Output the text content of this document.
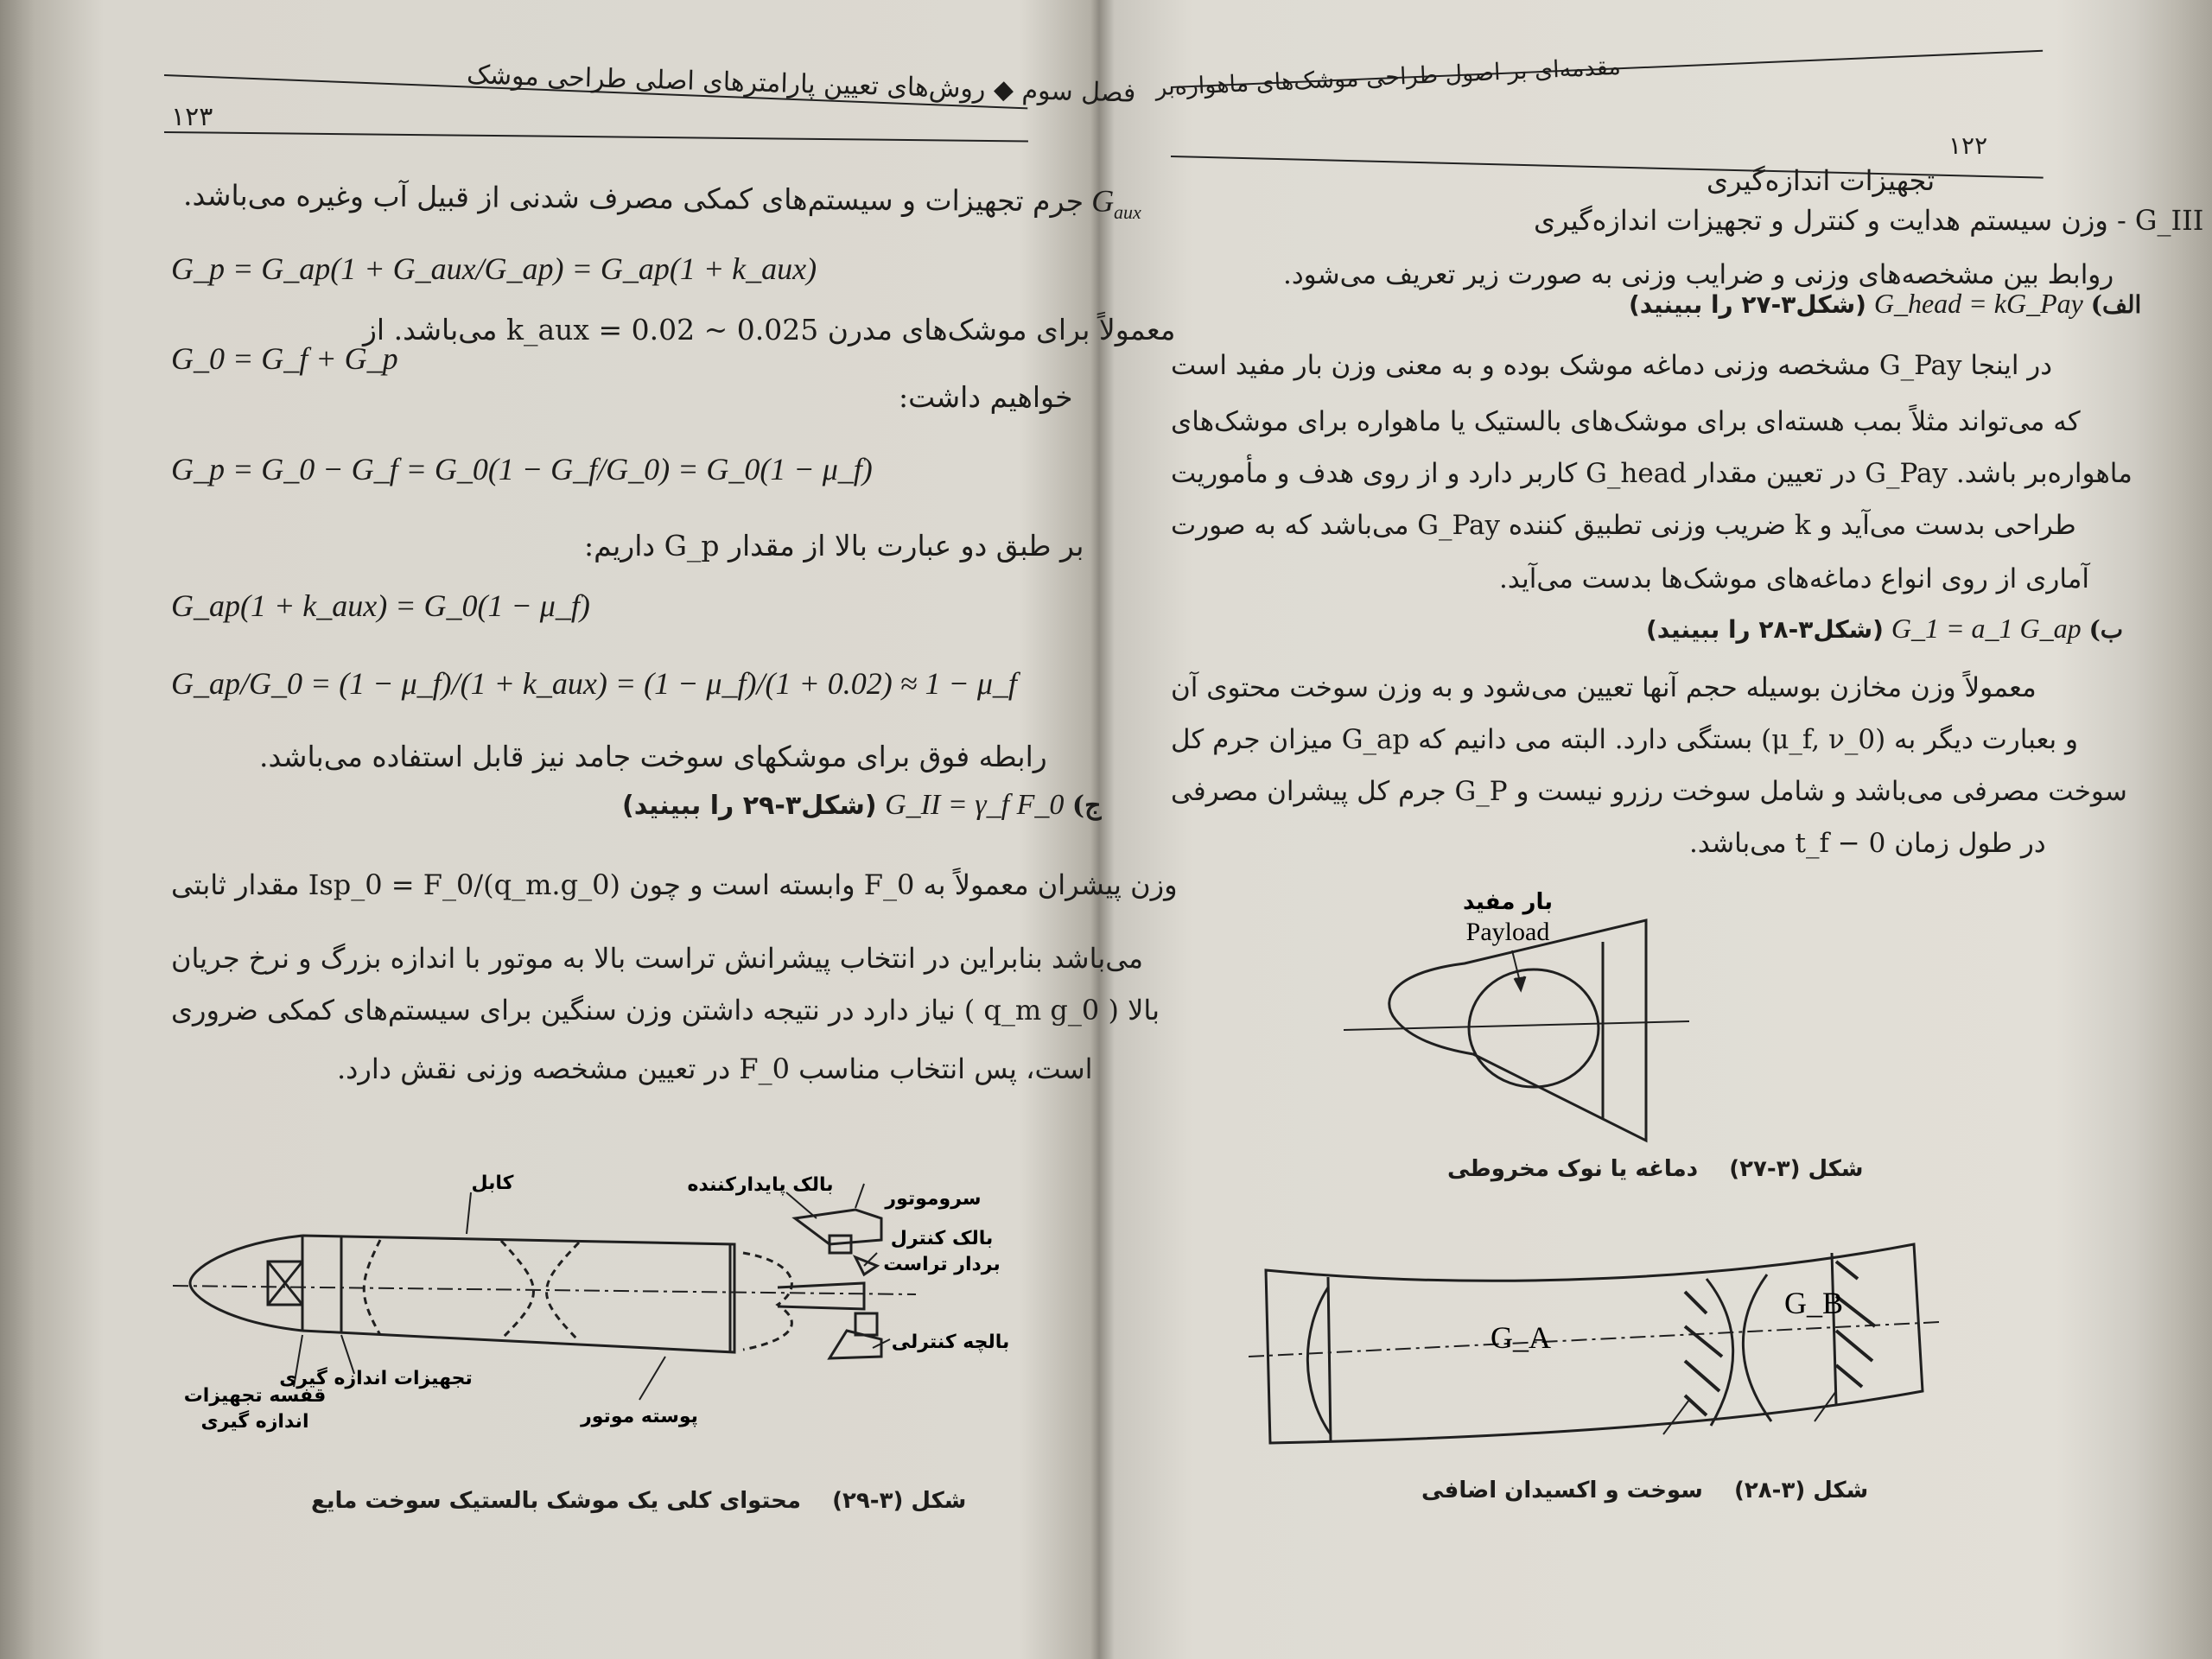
فصل سوم ◆ روش‌های تعیین پارامترهای اصلی طراحی موشک
۱۲۳
$G_{aux}$ جرم تجهیزات و سیستم‌های کمکی مصرف شدنی از قبیل آب وغیره می‌باشد.
G_p = G_ap(1 + G_aux/G_ap) = G_ap(1 + k_aux)
معمولاً برای موشک‌های مدرن k_aux = 0.02 ~ 0.025 می‌باشد. از
G_0 = G_f + G_p
خواهیم داشت:
G_p = G_0 − G_f = G_0(1 − G_f/G_0) = G_0(1 − μ_f)
بر طبق دو عبارت بالا از مقدار G_p داریم:
G_ap(1 + k_aux) = G_0(1 − μ_f)
G_ap/G_0 = (1 − μ_f)/(1 + k_aux) = (1 − μ_f)/(1 + 0.02) ≈ 1 − μ_f
رابطه فوق برای موشکهای سوخت جامد نیز قابل استفاده می‌باشد.
ج) G_II = γ_f F_0 (شکل۳-۲۹ را ببینید)
وزن پیشران معمولاً به F_0 وابسته است و چون Isp_0 = F_0/(q_m.g_0) مقدار ثابتی
می‌باشد بنابراین در انتخاب پیشرانش تراست بالا به موتور با اندازه بزرگ و نرخ جریان
بالا ( q_m g_0 ) نیاز دارد در نتیجه داشتن وزن سنگین برای سیستم‌های کمکی ضروری
است، پس انتخاب مناسب F_0 در تعیین مشخصه وزنی نقش دارد.
کابل	بالک پایدارکننده
سروموتور
بالک کنترل
بردار تراست
بالچه کنترلی
پوسته موتور
تجهیزات اندازه گیری
قفسه تجهیزات
اندازه گیری
شکل (۳-۲۹)    محتوای کلی یک موشک بالستیک سوخت مایع
مقدمه‌ای بر اصول طراحی موشک‌های ماهواره‌بر
۱۲۲
تجهیزات اندازه‌گیری
G_III - وزن سیستم هدایت و کنترل و تجهیزات اندازه‌گیری
روابط بین مشخصه‌های وزنی و ضرایب وزنی به صورت زیر تعریف می‌شود.
الف) G_head = kG_Pay (شکل۳-۲۷ را ببینید)
در اینجا G_Pay مشخصه وزنی دماغه موشک بوده و به معنی وزن بار مفید است
که می‌تواند مثلاً بمب هسته‌ای برای موشک‌های بالستیک یا ماهواره برای موشک‌های
ماهواره‌بر باشد. G_Pay در تعیین مقدار G_head کاربر دارد و از روی هدف و مأموریت
طراحی بدست می‌آید و k ضریب وزنی تطبیق کننده G_Pay می‌باشد که به صورت
آماری از روی انواع دماغه‌های موشک‌ها بدست می‌آید.
ب) G_1 = a_1 G_ap (شکل۳-۲۸ را ببینید)
معمولاً وزن مخازن بوسیله حجم آنها تعیین می‌شود و به وزن سوخت محتوی آن
و بعبارت دیگر به (μ_f, ν_0) بستگی دارد. البته می دانیم که G_ap میزان جرم کل
سوخت مصرفی می‌باشد و شامل سوخت رزرو نیست و G_P جرم کل پیشران مصرفی
در طول زمان 0 − t_f می‌باشد.
بار مفید
Payload
شکل (۳-۲۷)    دماغه یا نوک مخروطی
G_A
G_B
شکل (۳-۲۸)    سوخت و اکسیدان اضافی
